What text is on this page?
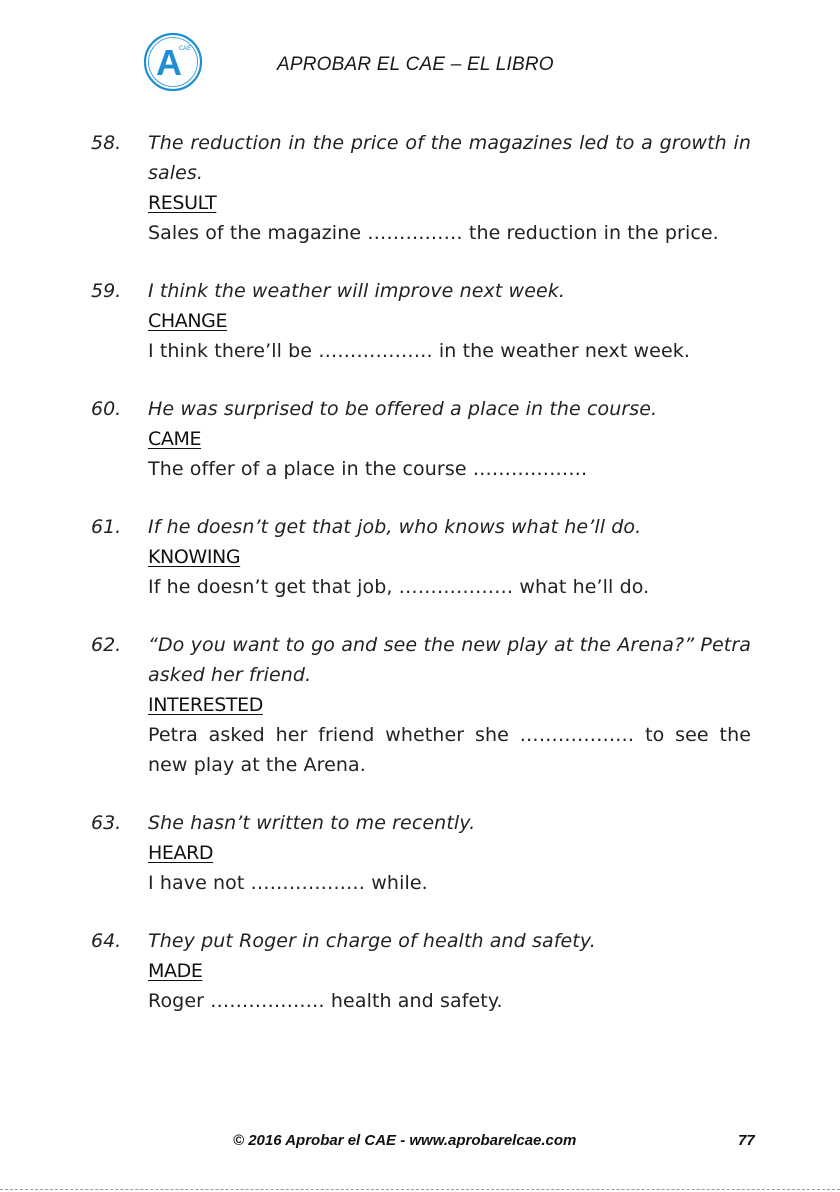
A
CAE
APROBAR EL CAE – EL LIBRO
58. The reduction in the price of the magazines led to a growth in sales.
RESULT
Sales of the magazine …………… the reduction in the price.
59. I think the weather will improve next week.
CHANGE
I think there’ll be ……………… in the weather next week.
60. He was surprised to be offered a place in the course.
CAME
The offer of a place in the course ………………
61. If he doesn’t get that job, who knows what he’ll do.
KNOWING
If he doesn’t get that job, ……………… what he’ll do.
62. “Do you want to go and see the new play at the Arena?” Petra asked her friend.
INTERESTED
Petra asked her friend whether she ……………… to see the new play at the Arena.
63. She hasn’t written to me recently.
HEARD
I have not ……………… while.
64. They put Roger in charge of health and safety.
MADE
Roger ……………… health and safety.
© 2016 Aprobar el CAE - www.aprobarelcae.com	77
